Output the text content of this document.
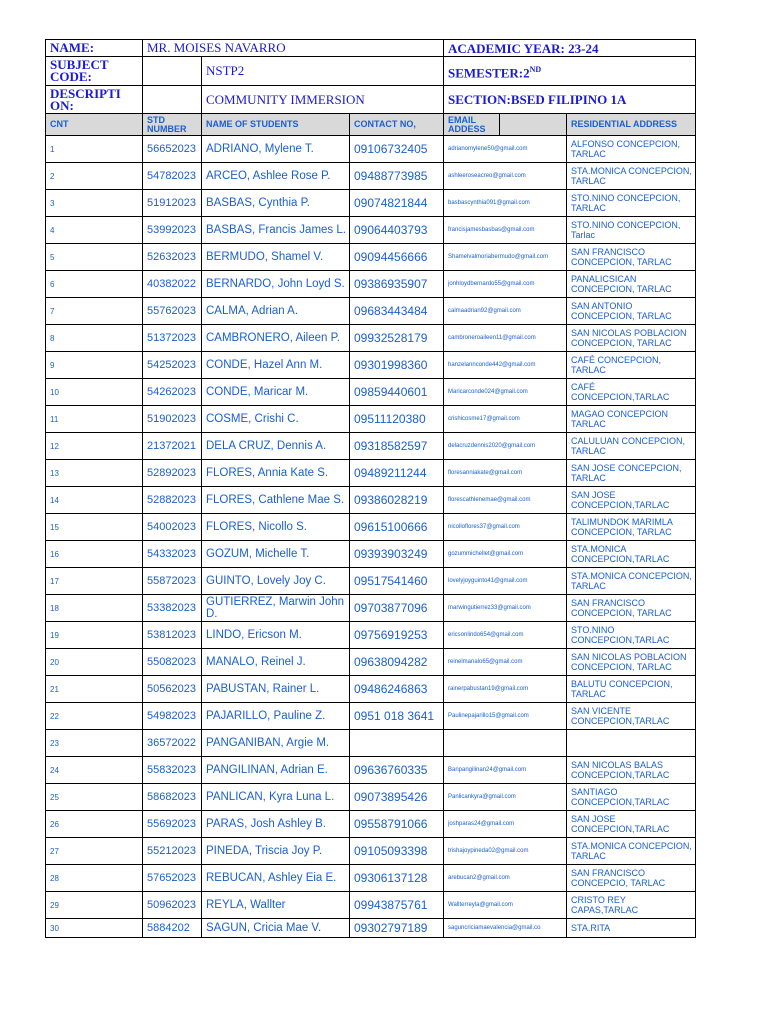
NAME:	MR. MOISES NAVARRO			ACADEMIC YEAR: 23-24		
SUBJECT CODE:		NSTP2		SEMESTER:2ND
DESCRIPTI ON:		COMMUNITY IMMERSION		SECTION:BSED FILIPINO 1A		
CNT	STD NUMBER	NAME OF STUDENTS	CONTACT NO,	EMAIL ADDESS		RESIDENTIAL ADDRESS
1	56652023	ADRIANO, Mylene T.	09106732405	adrianomylene50@gmail.com		ALFONSO CONCEPCION, TARLAC
2	54782023	ARCEO, Ashlee Rose P.	09488773985	ashleeroseacreo@gmail.com		STA.MONICA CONCEPCION, TARLAC
3	51912023	BASBAS, Cynthia P.	09074821844	basbascynthia091@gmail.com		STO.NINO CONCEPCION, TARLAC
4	53992023	BASBAS, Francis James L.	09064403793	francisjamesbasbas@gmail.com		STO.NINO CONCEPCION, Tarlac
5	52632023	BERMUDO, Shamel V.	09094456666	Shamelvalmoriabermudo@gmail.com		SAN FRANCISCO CONCEPCION, TARLAC
6	40382022	BERNARDO, John Loyd S.	09386935907	jonhloydbernardo55@gmail.com		PANALICSICAN CONCEPCION, TARLAC
7	55762023	CALMA, Adrian A.	09683443484	calmaadrian92@gmail.com		SAN ANTONIO CONCEPCION, TARLAC
8	51372023	CAMBRONERO, Aileen P.	09932528179	cambroneroaileen11@gmail.com		SAN NICOLAS POBLACION CONCEPCION, TARLAC
9	54252023	CONDE, Hazel Ann M.	09301998360	hanzelannconde442@gmail.com		CAFÉ CONCEPCION, TARLAC
10	54262023	CONDE, Maricar M.	09859440601	Maricarconde024@gmail.com		CAFÉ CONCEPCION,TARLAC
11	51902023	COSME, Crishi C.	09511120380	crishicosme17@gmail.com		MAGAO CONCEPCION TARLAC
12	21372021	DELA CRUZ, Dennis A.	09318582597	delacruzdennis2020@gmail.com		CALULUAN CONCEPCION, TARLAC
13	52892023	FLORES, Annia Kate S.	09489211244	floresanniakate@gmail.com		SAN JOSE CONCEPCION, TARLAC
14	52882023	FLORES, Cathlene Mae S.	09386028219	florescathlenemae@gmail.com		SAN JOSE CONCEPCION,TARLAC
15	54002023	FLORES, Nicollo S.	09615100666	nicolloflores37@gmail.com		TALIMUNDOK MARIMLA CONCEPCION, TARLAC
16	54332023	GOZUM, Michelle T.	09393903249	gozummichellet@gmail.com		STA.MONICA CONCEPCION,TARLAC
17	55872023	GUINTO, Lovely Joy C.	09517541460	lovelyjoyguinto41@gmail.com		STA.MONICA CONCEPCION, TARLAC
18	53382023	GUTIERREZ, Marwin John D.	09703877096	marwingutierrez33@gmail.com		SAN FRANCISCO CONCEPCION, TARLAC
19	53812023	LINDO, Ericson M.	09756919253	ericsonlindo654@gmail.com		STO.NINO CONCEPCION,TARLAC
20	55082023	MANALO, Reinel J.	09638094282	reinelmanalo65@gmail.com		SAN NICOLAS POBLACION CONCEPCION, TARLAC
21	50562023	PABUSTAN, Rainer L.	09486246863	rainerpabustan19@gmail.com		BALUTU CONCEPCION, TARLAC
22	54982023	PAJARILLO, Pauline Z.	0951 018 3641	Paulinepajarillo15@gmail.com		SAN VICENTE CONCEPCION,TARLAC
23	36572022	PANGANIBAN, Argie M.				
24	55832023	PANGILINAN, Adrian E.	09636760335	Banpangilinan24@gmail.com		SAN NICOLAS BALAS CONCEPCION,TARLAC
25	58682023	PANLICAN, Kyra Luna L.	09073895426	Panlicankyra@gmail.com		SANTIAGO CONCEPCION,TARLAC
26	55692023	PARAS, Josh Ashley B.	09558791066	joshparas24@gmail.com		SAN JOSE CONCEPCION,TARLAC
27	55212023	PINEDA, Triscia Joy P.	09105093398	trishajoypineda02@gmail.com		STA.MONICA CONCEPCION, TARLAC
28	57652023	REBUCAN, Ashley Eia E.	09306137128	arebucan2@gmail.com		SAN FRANCISCO CONCEPCIO, TARLAC
29	50962023	REYLA, Wallter	09943875761	Wallterreyla@gmail.com		CRISTO REY CAPAS,TARLAC
30	5884202	SAGUN, Cricia Mae V.	09302797189	saguncriciamaevalencia@gmail.co		STA.RITA
